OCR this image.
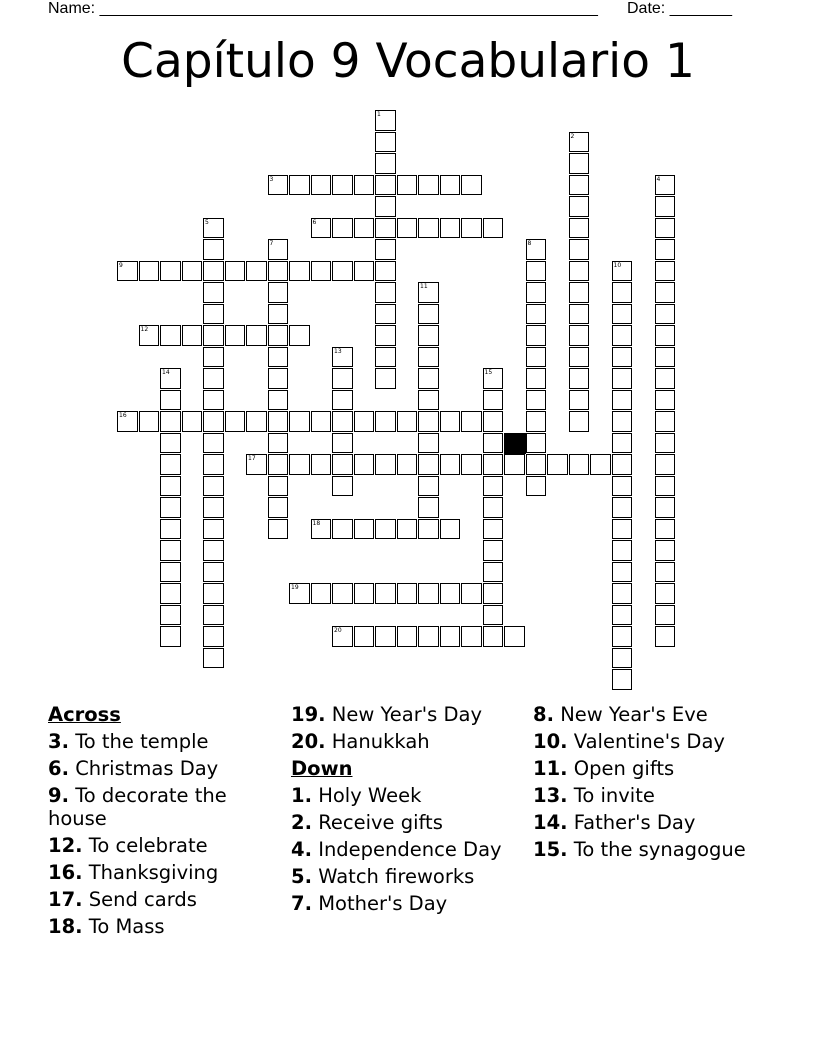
Name: ________________________________________________________ Date: _______
Capítulo 9 Vocabulario 1
3
6
9
12
16
17
18
19
20
1
2
4
5
7	8
10
11
13
14	15
Across
3. To the temple
6. Christmas Day
9. To decorate the house
12. To celebrate
16. Thanksgiving
17. Send cards
18. To Mass
19. New Year's Day
20. Hanukkah
Down
1. Holy Week
2. Receive gifts
4. Independence Day
5. Watch fireworks
7. Mother's Day
8. New Year's Eve
10. Valentine's Day
11. Open gifts
13. To invite
14. Father's Day
15. To the synagogue
